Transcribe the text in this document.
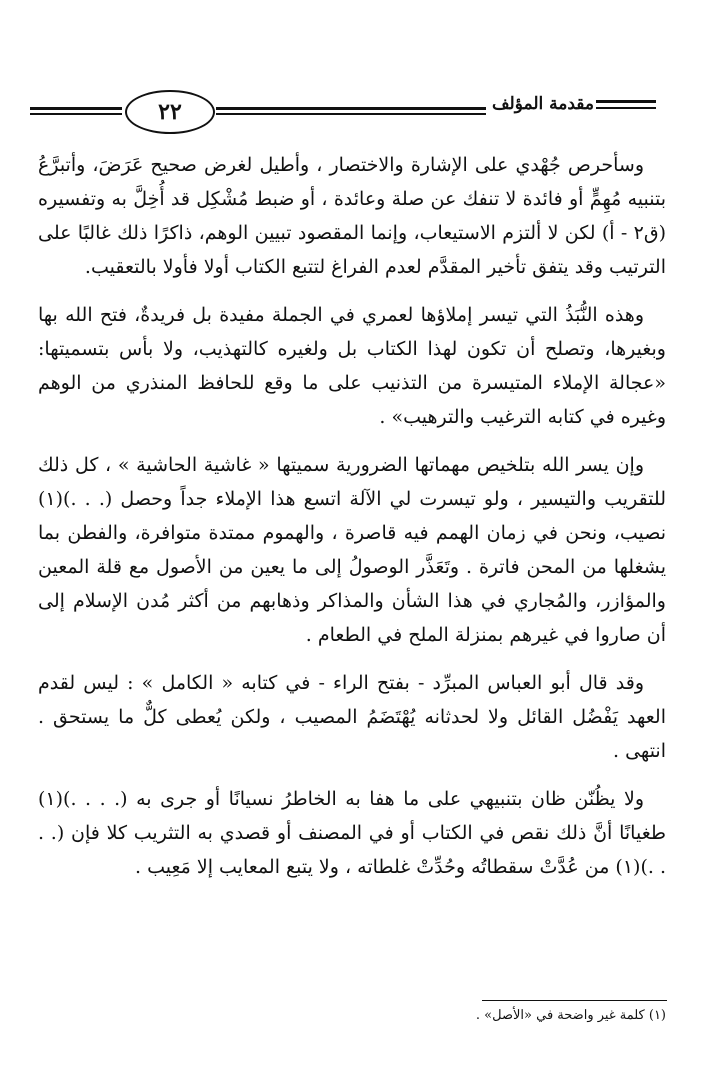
٢٢	مقدمة المؤلف

وسأحرص جُهْدي على الإشارة والاختصار ، وأطيل لغرض صحيح عَرَضَ، وأتبرَّعُ بتنبيه مُهِمٍّ أو فائدة لا تنفك عن صلة وعائدة ، أو ضبط مُشْكِل قد أُخِلَّ به وتفسيره (ق٢ - أ) لكن لا ألتزم الاستيعاب، وإنما المقصود تبيين الوهم، ذاكرًا ذلك غالبًا على الترتيب وقد يتفق تأخير المقدَّم لعدم الفراغ لتتبع الكتاب أولا فأولا بالتعقيب.

وهذه النُّبَذُ التي تيسر إملاؤها لعمري في الجملة مفيدة بل فريدةٌ، فتح الله بها وبغيرها، وتصلح أن تكون لهذا الكتاب بل ولغيره كالتهذيب، ولا بأس بتسميتها: «عجالة الإملاء المتيسرة من التذنيب على ما وقع للحافظ المنذري من الوهم وغيره في كتابه الترغيب والترهيب» .

وإن يسر الله بتلخيص مهماتها الضرورية سميتها « غاشية الحاشية » ، كل ذلك للتقريب والتيسير ، ولو تيسرت لي الآلة اتسع هذا الإملاء جداً وحصل (. . .)(١) نصيب، ونحن في زمان الهمم فيه قاصرة ، والهموم ممتدة متوافرة، والفطن بما يشغلها من المحن فاترة . وتَعَذَّر الوصولُ إلى ما يعين من الأصول مع قلة المعين والمؤازر، والمُجاري في هذا الشأن والمذاكر وذهابهم من أكثر مُدن الإسلام إلى أن صاروا في غيرهم بمنزلة الملح في الطعام .

وقد قال أبو العباس المبرِّد - بفتح الراء - في كتابه « الكامل » : ليس لقدم العهد يَفْضُل القائل ولا لحدثانه يُهْتَضَمُ المصيب ، ولكن يُعطى كلٌّ ما يستحق . انتهى .

ولا يظُنّن ظان بتنبيهي على ما هفا به الخاطرُ نسيانًا أو جرى به (. . . .)(١) طغيانًا أنَّ ذلك نقص في الكتاب أو في المصنف أو قصدي به التثريب كلا فإن (. . . .)(١) من عُدَّتْ سقطاتُه وحُدِّتْ غلطاته ، ولا يتبع المعايب إلا مَعِيب .

(١) كلمة غير واضحة في «الأصل» .
